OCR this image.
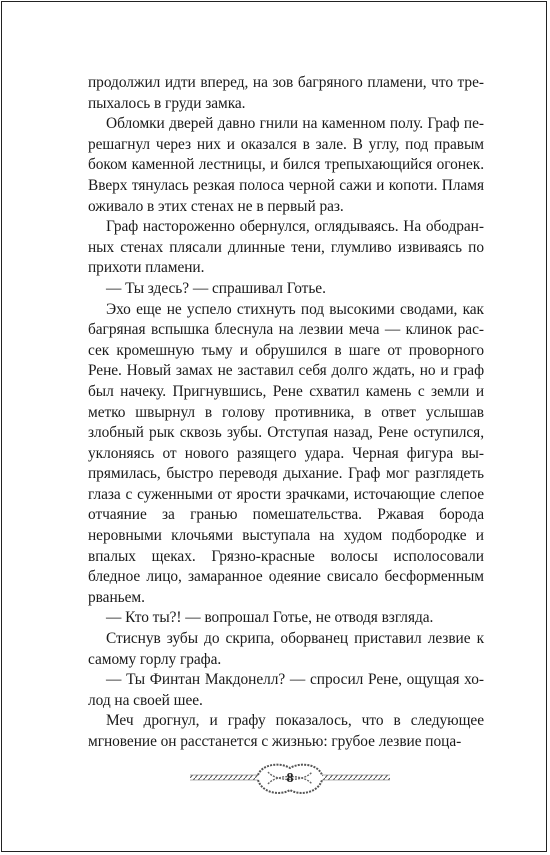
продолжил идти вперед, на зов багряного пламени, что трепыхалось в груди замка.

Обломки дверей давно гнили на каменном полу. Граф перешагнул через них и оказался в зале. В углу, под правым боком каменной лестницы, и бился трепыхающийся огонек. Вверх тянулась резкая полоса черной сажи и копоти. Пламя оживало в этих стенах не в первый раз.

Граф настороженно обернулся, оглядываясь. На ободранных стенах плясали длинные тени, глумливо извиваясь по прихоти пламени.

— Ты здесь? — спрашивал Готье.

Эхо еще не успело стихнуть под высокими сводами, как багряная вспышка блеснула на лезвии меча — клинок рассек кромешную тьму и обрушился в шаге от проворного Рене. Новый замах не заставил себя долго ждать, но и граф был начеку. Пригнувшись, Рене схватил камень с земли и метко швырнул в голову противника, в ответ услышав злобный рык сквозь зубы. Отступая назад, Рене оступился, уклоняясь от нового разящего удара. Черная фигура выпрямилась, быстро переводя дыхание. Граф мог разглядеть глаза с суженными от ярости зрачками, источающие слепое отчаяние за гранью помешательства. Ржавая борода неровными клочьями выступала на худом подбородке и впалых щеках. Грязно-красные волосы исполосовали бледное лицо, замаранное одеяние свисало бесформенным рваньем.

— Кто ты?! — вопрошал Готье, не отводя взгляда.

Стиснув зубы до скрипа, оборванец приставил лезвие к самому горлу графа.

— Ты Финтан Макдонелл? — спросил Рене, ощущая холод на своей шее.

Меч дрогнул, и графу показалось, что в следующее мгновение он расстанется с жизнью: грубое лезвие поца-

8
